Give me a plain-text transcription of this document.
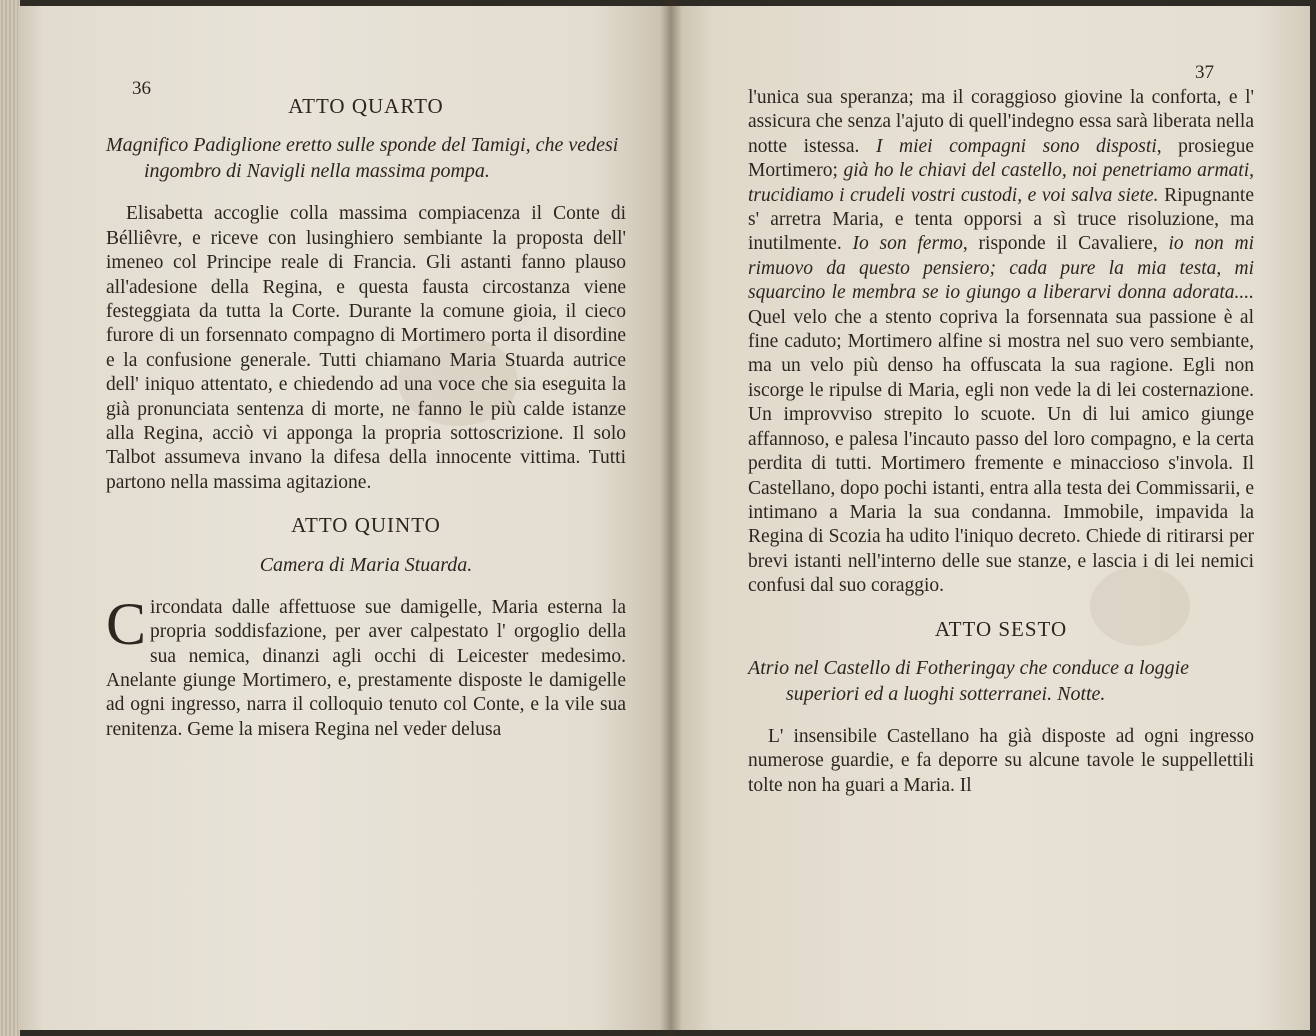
36
ATTO QUARTO
Magnifico Padiglione eretto sulle sponde del Tamigi, che vedesi ingombro di Navigli nella massima pompa.

Elisabetta accoglie colla massima compiacenza il Conte di Bélliêvre, e riceve con lusinghiero sembiante la proposta dell' imeneo col Principe reale di Francia. Gli astanti fanno plauso all'adesione della Regina, e questa fausta circostanza viene festeggiata da tutta la Corte. Durante la comune gioia, il cieco furore di un forsennato compagno di Mortimero porta il disordine e la confusione generale. Tutti chiamano Maria Stuarda autrice dell' iniquo attentato, e chiedendo ad una voce che sia eseguita la già pronunciata sentenza di morte, ne fanno le più calde istanze alla Regina, acciò vi apponga la propria sottoscrizione. Il solo Talbot assumeva invano la difesa della innocente vittima. Tutti partono nella massima agitazione.

ATTO QUINTO
Camera di Maria Stuarda.

Circondata dalle affettuose sue damigelle, Maria esterna la propria soddisfazione, per aver calpestato l' orgoglio della sua nemica, dinanzi agli occhi di Leicester medesimo. Anelante giunge Mortimero, e, prestamente disposte le damigelle ad ogni ingresso, narra il colloquio tenuto col Conte, e la vile sua renitenza. Geme la misera Regina nel veder delusa

37

l'unica sua speranza; ma il coraggioso giovine la conforta, e l' assicura che senza l'ajuto di quell'indegno essa sarà liberata nella notte istessa. I miei compagni sono disposti, prosiegue Mortimero; già ho le chiavi del castello, noi penetriamo armati, trucidiamo i crudeli vostri custodi, e voi salva siete. Ripugnante s' arretra Maria, e tenta opporsi a sì truce risoluzione, ma inutilmente. Io son fermo, risponde il Cavaliere, io non mi rimuovo da questo pensiero; cada pure la mia testa, mi squarcino le membra se io giungo a liberarvi donna adorata.... Quel velo che a stento copriva la forsennata sua passione è al fine caduto; Mortimero alfine si mostra nel suo vero sembiante, ma un velo più denso ha offuscata la sua ragione. Egli non iscorge le ripulse di Maria, egli non vede la di lei costernazione. Un improvviso strepito lo scuote. Un di lui amico giunge affannoso, e palesa l'incauto passo del loro compagno, e la certa perdita di tutti. Mortimero fremente e minaccioso s'invola. Il Castellano, dopo pochi istanti, entra alla testa dei Commissarii, e intimano a Maria la sua condanna. Immobile, impavida la Regina di Scozia ha udito l'iniquo decreto. Chiede di ritirarsi per brevi istanti nell'interno delle sue stanze, e lascia i di lei nemici confusi dal suo coraggio.

ATTO SESTO
Atrio nel Castello di Fotheringay che conduce a loggie superiori ed a luoghi sotterranei. Notte.

L' insensibile Castellano ha già disposte ad ogni ingresso numerose guardie, e fa deporre su alcune tavole le suppellettili tolte non ha guari a Maria. Il
